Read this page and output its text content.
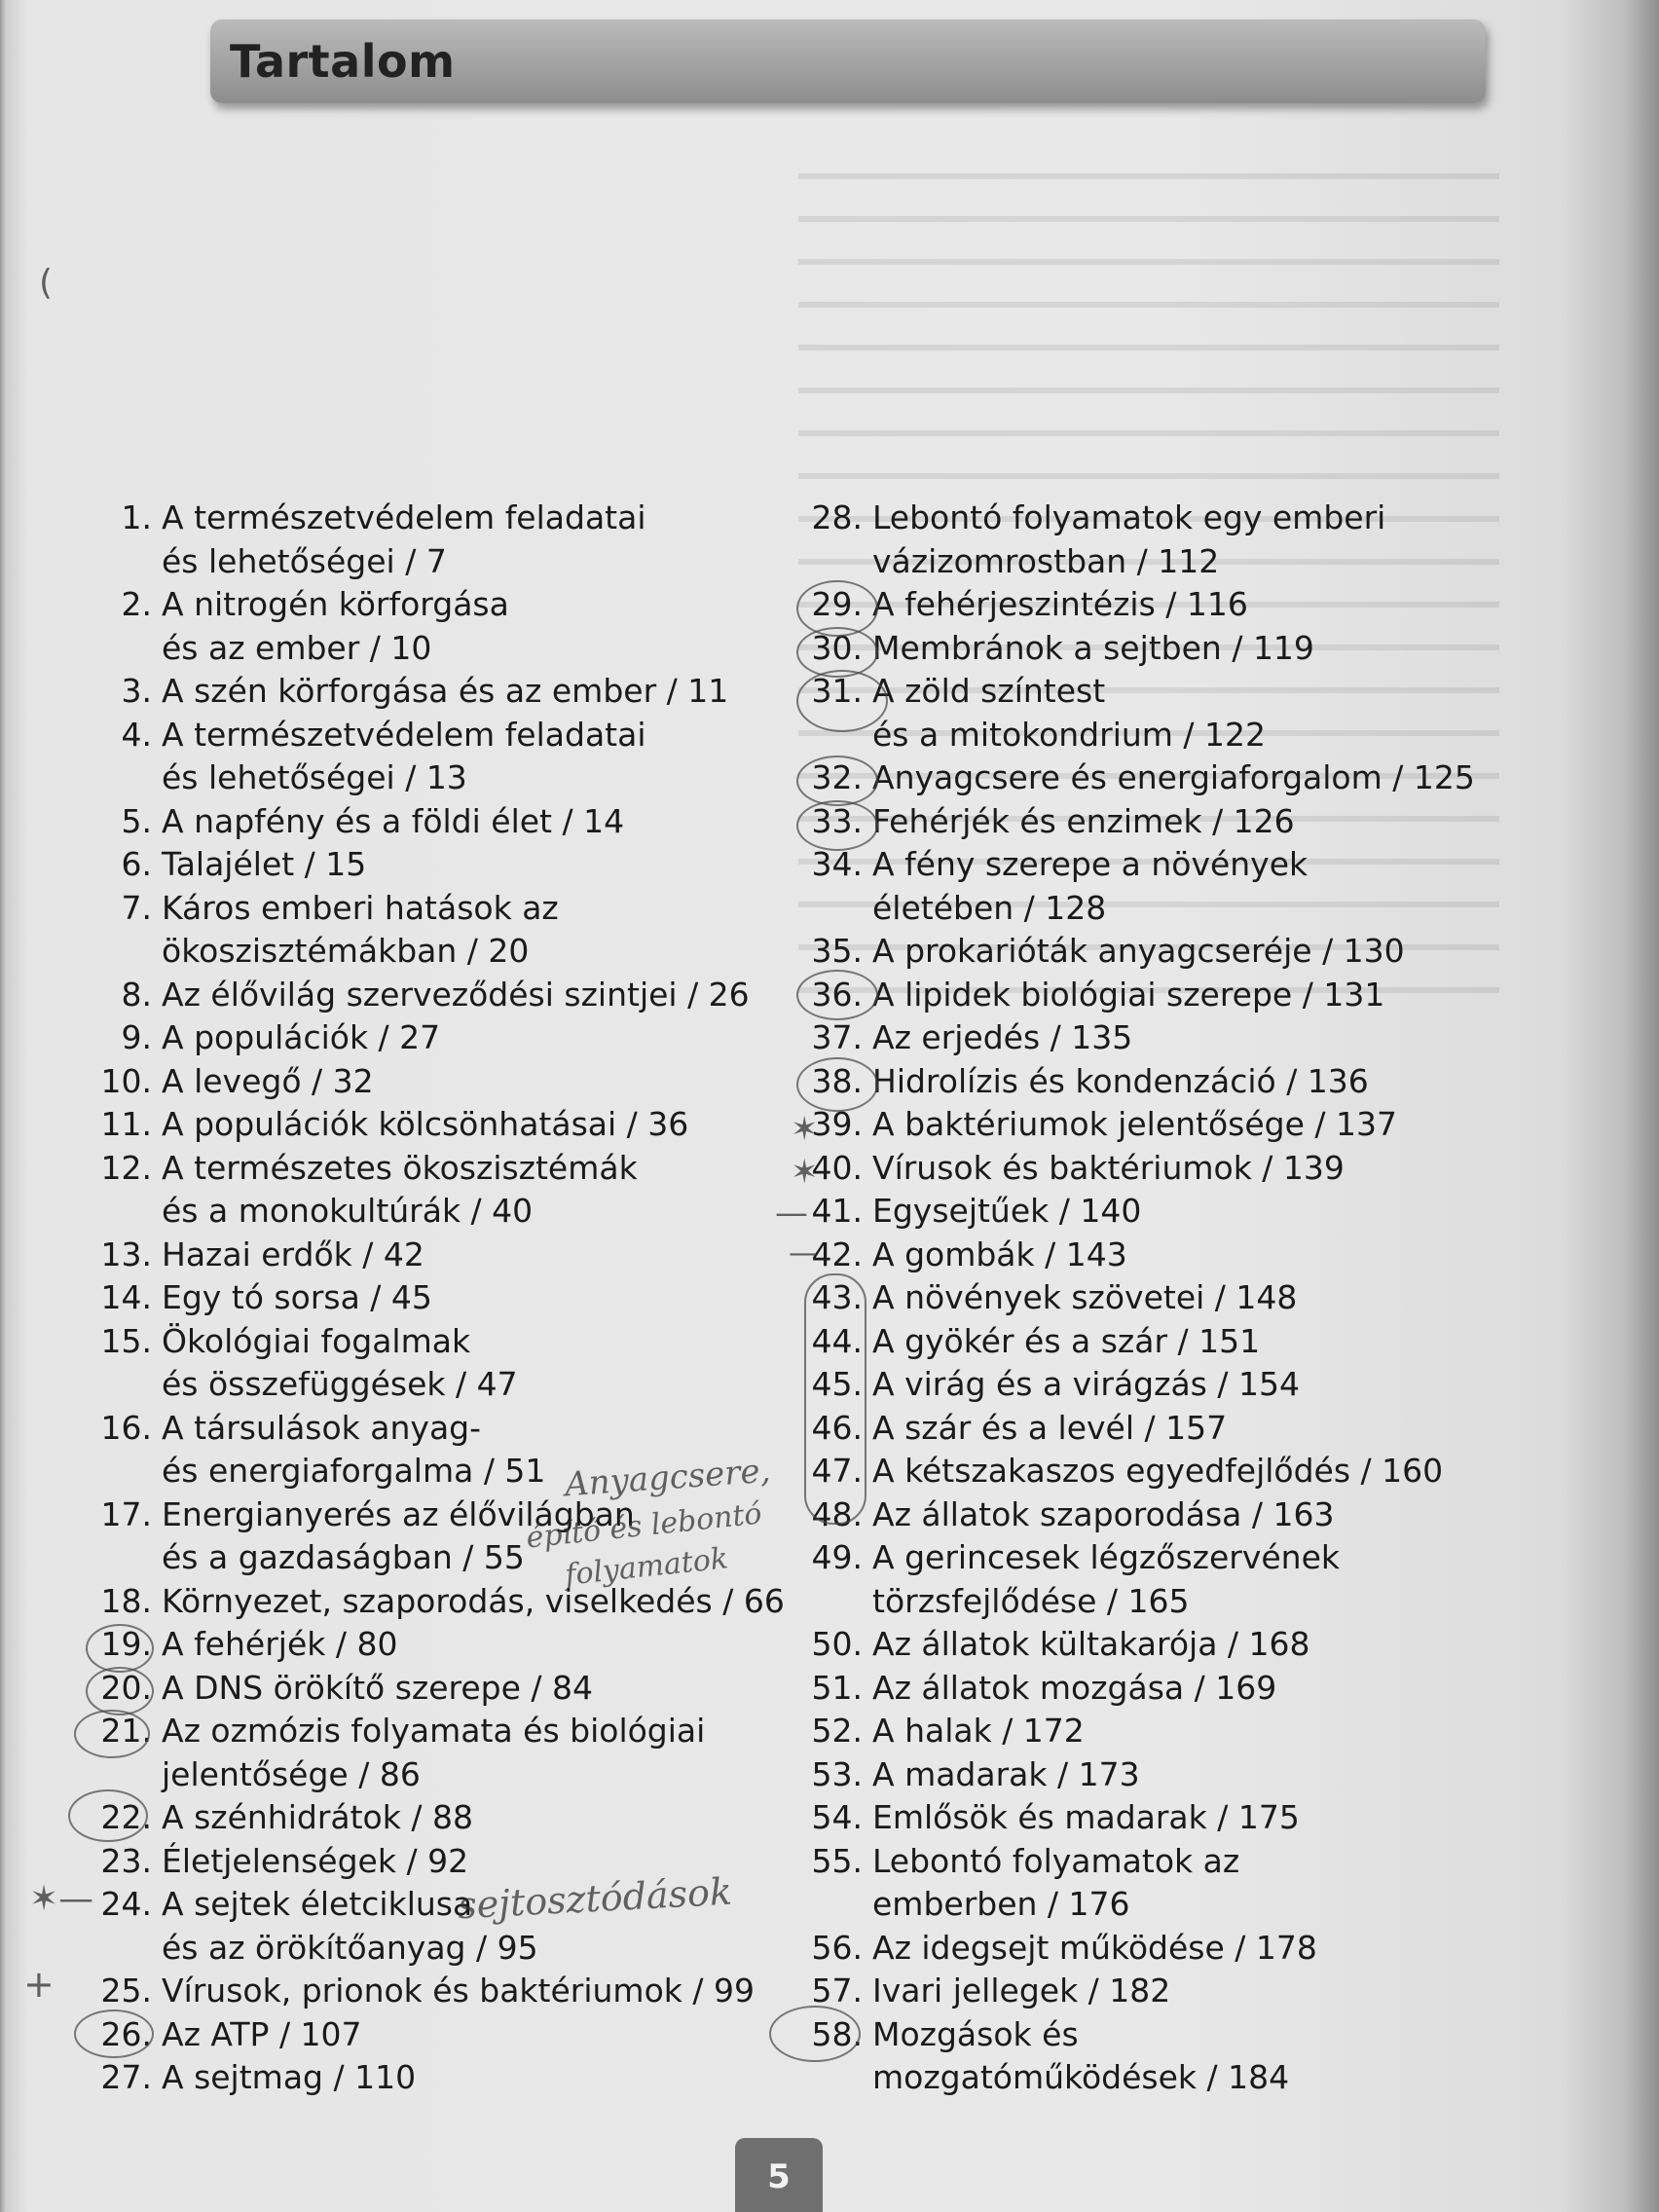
Tartalom
1. A természetvédelem feladatai
és lehetőségei / 7
2. A nitrogén körforgása
és az ember / 10
3. A szén körforgása és az ember / 11
4. A természetvédelem feladatai
és lehetőségei / 13
5. A napfény és a földi élet / 14
6. Talajélet / 15
7. Káros emberi hatások az
ökoszisztémákban / 20
8. Az élővilág szerveződési szintjei / 26
9. A populációk / 27
10. A levegő / 32
11. A populációk kölcsönhatásai / 36
12. A természetes ökoszisztémák
és a monokultúrák / 40
13. Hazai erdők / 42
14. Egy tó sorsa / 45
15. Ökológiai fogalmak
és összefüggések / 47
16. A társulások anyag-
és energiaforgalma / 51
17. Energianyerés az élővilágban
és a gazdaságban / 55
18. Környezet, szaporodás, viselkedés / 66
19. A fehérjék / 80
20. A DNS örökítő szerepe / 84
21. Az ozmózis folyamata és biológiai
jelentősége / 86
22. A szénhidrátok / 88
23. Életjelenségek / 92
24. A sejtek életciklusa
és az örökítőanyag / 95
25. Vírusok, prionok és baktériumok / 99
26. Az ATP / 107
27. A sejtmag / 110
28. Lebontó folyamatok egy emberi
vázizomrostban / 112
29. A fehérjeszintézis / 116
30. Membránok a sejtben / 119
31. A zöld színtest
és a mitokondrium / 122
32. Anyagcsere és energiaforgalom / 125
33. Fehérjék és enzimek / 126
34. A fény szerepe a növények
életében / 128
35. A prokarióták anyagcseréje / 130
36. A lipidek biológiai szerepe / 131
37. Az erjedés / 135
38. Hidrolízis és kondenzáció / 136
39. A baktériumok jelentősége / 137
40. Vírusok és baktériumok / 139
41. Egysejtűek / 140
42. A gombák / 143
43. A növények szövetei / 148
44. A gyökér és a szár / 151
45. A virág és a virágzás / 154
46. A szár és a levél / 157
47. A kétszakaszos egyedfejlődés / 160
48. Az állatok szaporodása / 163
49. A gerincesek légzőszervének
törzsfejlődése / 165
50. Az állatok kültakarója / 168
51. Az állatok mozgása / 169
52. A halak / 172
53. A madarak / 173
54. Emlősök és madarak / 175
55. Lebontó folyamatok az
emberben / 176
56. Az idegsejt működése / 178
57. Ivari jellegek / 182
58. Mozgások és
mozgatóműködések / 184
✶
✶
—
—
✶—
+
(
Anyagcsere,
építő és lebontó
folyamatok
sejtosztódások
5
